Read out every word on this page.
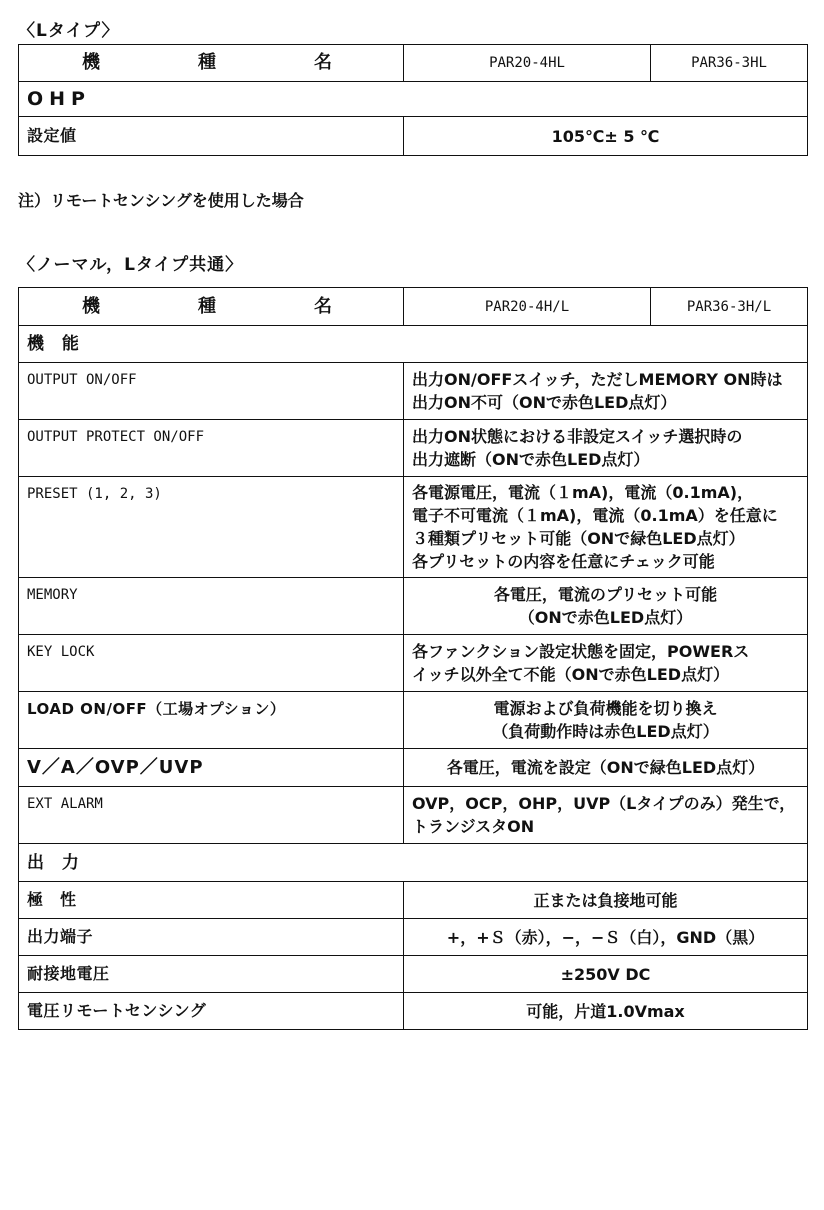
〈Lタイプ〉
機　種　名	PAR20-4HL	PAR36-3HL
OHP		
設定値	105℃± 5 ℃	
注）リモートセンシングを使用した場合
〈ノーマル，Lタイプ共通〉
機　種　名	PAR20-4H/L	PAR36-3H/L
機 能		
OUTPUT ON/OFF	出力ON/OFFスイッチ，ただしMEMORY ON時は
出力ON不可（ONで赤色LED点灯）	

OUTPUT PROTECT ON/OFF	出力ON状態における非設定スイッチ選択時の
出力遮断（ONで赤色LED点灯）	

PRESET (1, 2, 3)	各電源電圧，電流（１mA)，電流（0.1mA)，
電子不可電流（１mA)，電流（0.1mA）を任意に
３種類プリセット可能（ONで緑色LED点灯）
各プリセットの内容を任意にチェック可能	

MEMORY	各電圧，電流のプリセット可能
（ONで赤色LED点灯）	

KEY LOCK	各ファンクション設定状態を固定，POWERス
イッチ以外全て不能（ONで赤色LED点灯）	

LOAD ON/OFF（工場オプション）	電源および負荷機能を切り換え
（負荷動作時は赤色LED点灯）	

V／A／OVP／UVP	各電圧，電流を設定（ONで緑色LED点灯）	

EXT ALARM	OVP，OCP，OHP，UVP（Lタイプのみ）発生で，
トランジスタON	

出 力		
極　性	正または負接地可能	
出力端子	+，+Ｓ（赤），−，−Ｓ（白），GND（黒）	
耐接地電圧	±250V DC	
電圧リモートセンシング	可能，片道1.0Vmax	
